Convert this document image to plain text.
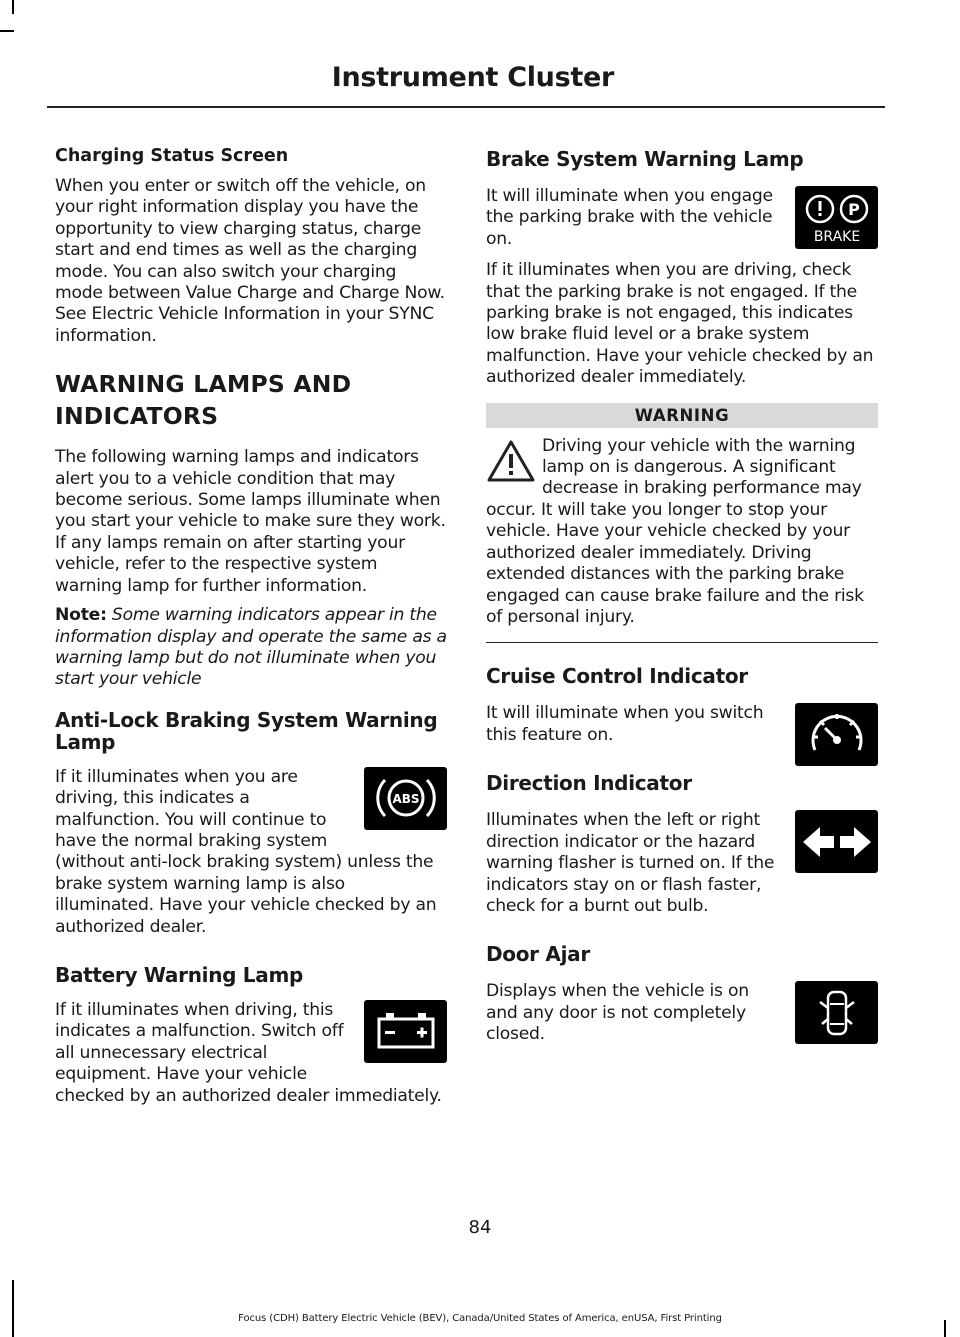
Instrument Cluster
Charging Status Screen

When you enter or switch off the vehicle, on your right information display you have the opportunity to view charging status, charge start and end times as well as the charging mode. You can also switch your charging mode between Value Charge and Charge Now. See Electric Vehicle Information in your SYNC information.

WARNING LAMPS AND
INDICATORS

The following warning lamps and indicators alert you to a vehicle condition that may become serious. Some lamps illuminate when you start your vehicle to make sure they work. If any lamps remain on after starting your vehicle, refer to the respective system warning lamp for further information.

Note: Some warning indicators appear in the information display and operate the same as a warning lamp but do not illuminate when you start your vehicle

Anti-Lock Braking System Warning Lamp
ABS

If it illuminates when you are driving, this indicates a malfunction. You will continue to have the normal braking system (without anti-lock braking system) unless the brake system warning lamp is also illuminated. Have your vehicle checked by an authorized dealer.

Battery Warning Lamp

If it illuminates when driving, this indicates a malfunction. Switch off all unnecessary electrical equipment. Have your vehicle checked by an authorized dealer immediately.

Brake System Warning Lamp
P
BRAKE

It will illuminate when you engage the parking brake with the vehicle on.

If it illuminates when you are driving, check that the parking brake is not engaged. If the parking brake is not engaged, this indicates low brake fluid level or a brake system malfunction. Have your vehicle checked by an authorized dealer immediately.

WARNING

Driving your vehicle with the warning lamp on is dangerous. A significant decrease in braking performance may occur. It will take you longer to stop your vehicle. Have your vehicle checked by your authorized dealer immediately. Driving extended distances with the parking brake engaged can cause brake failure and the risk of personal injury.

Cruise Control Indicator

It will illuminate when you switch this feature on.

Direction Indicator

Illuminates when the left or right direction indicator or the hazard warning flasher is turned on. If the indicators stay on or flash faster, check for a burnt out bulb.

Door Ajar

Displays when the vehicle is on and any door is not completely closed.

84
Focus (CDH) Battery Electric Vehicle (BEV), Canada/United States of America, enUSA, First Printing
